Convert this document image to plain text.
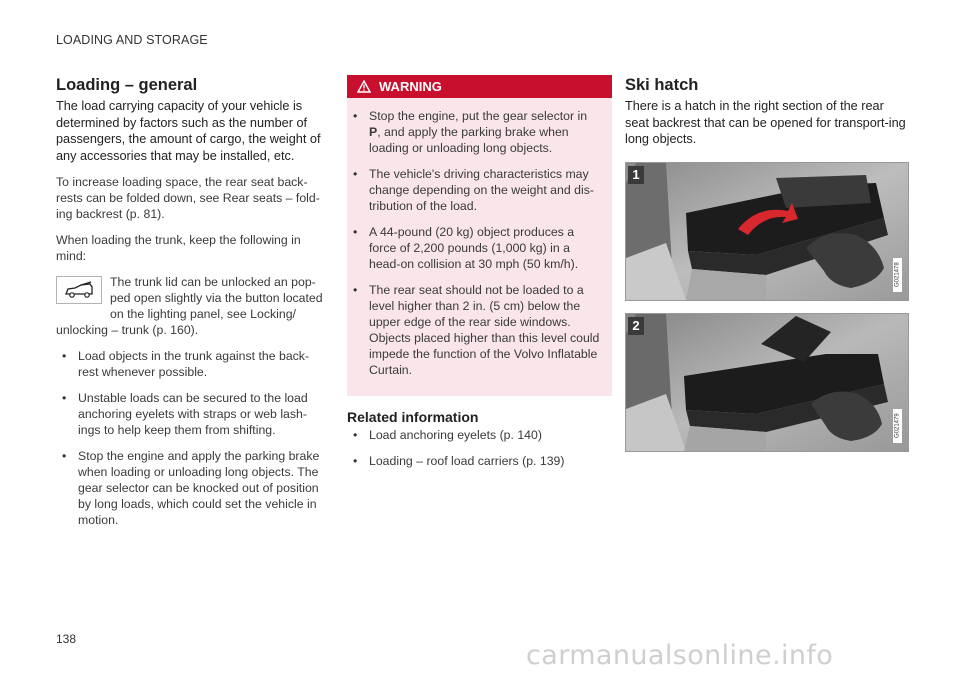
LOADING AND STORAGE
Loading – general

The load carrying capacity of your vehicle is determined by factors such as the number of passengers, the amount of cargo, the weight of any accessories that may be installed, etc.

To increase loading space, the rear seat back-rests can be folded down, see Rear seats – fold-ing backrest (p. 81).

When loading the trunk, keep the following in mind:

The trunk lid can be unlocked an pop-ped open slightly via the button located on the lighting panel, see Locking/ unlocking – trunk (p. 160).
• Load objects in the trunk against the back-rest whenever possible.
• Unstable loads can be secured to the load anchoring eyelets with straps or web lash-ings to help keep them from shifting.
• Stop the engine and apply the parking brake when loading or unloading long objects. The gear selector can be knocked out of position by long loads, which could set the vehicle in motion.
WARNING
• Stop the engine, put the gear selector in P, and apply the parking brake when loading or unloading long objects.
• The vehicle's driving characteristics may change depending on the weight and dis-tribution of the load.
• A 44-pound (20 kg) object produces a force of 2,200 pounds (1,000 kg) in a head-on collision at 30 mph (50 km/h).
• The rear seat should not be loaded to a level higher than 2 in. (5 cm) below the upper edge of the rear side windows. Objects placed higher than this level could impede the function of the Volvo Inflatable Curtain.
Related information
• Load anchoring eyelets (p. 140)
• Loading – roof load carriers (p. 139)
Ski hatch

There is a hatch in the right section of the rear seat backrest that can be opened for transport-ing long objects.

1
G021478
2
G021479
138
carmanualsonline.info
